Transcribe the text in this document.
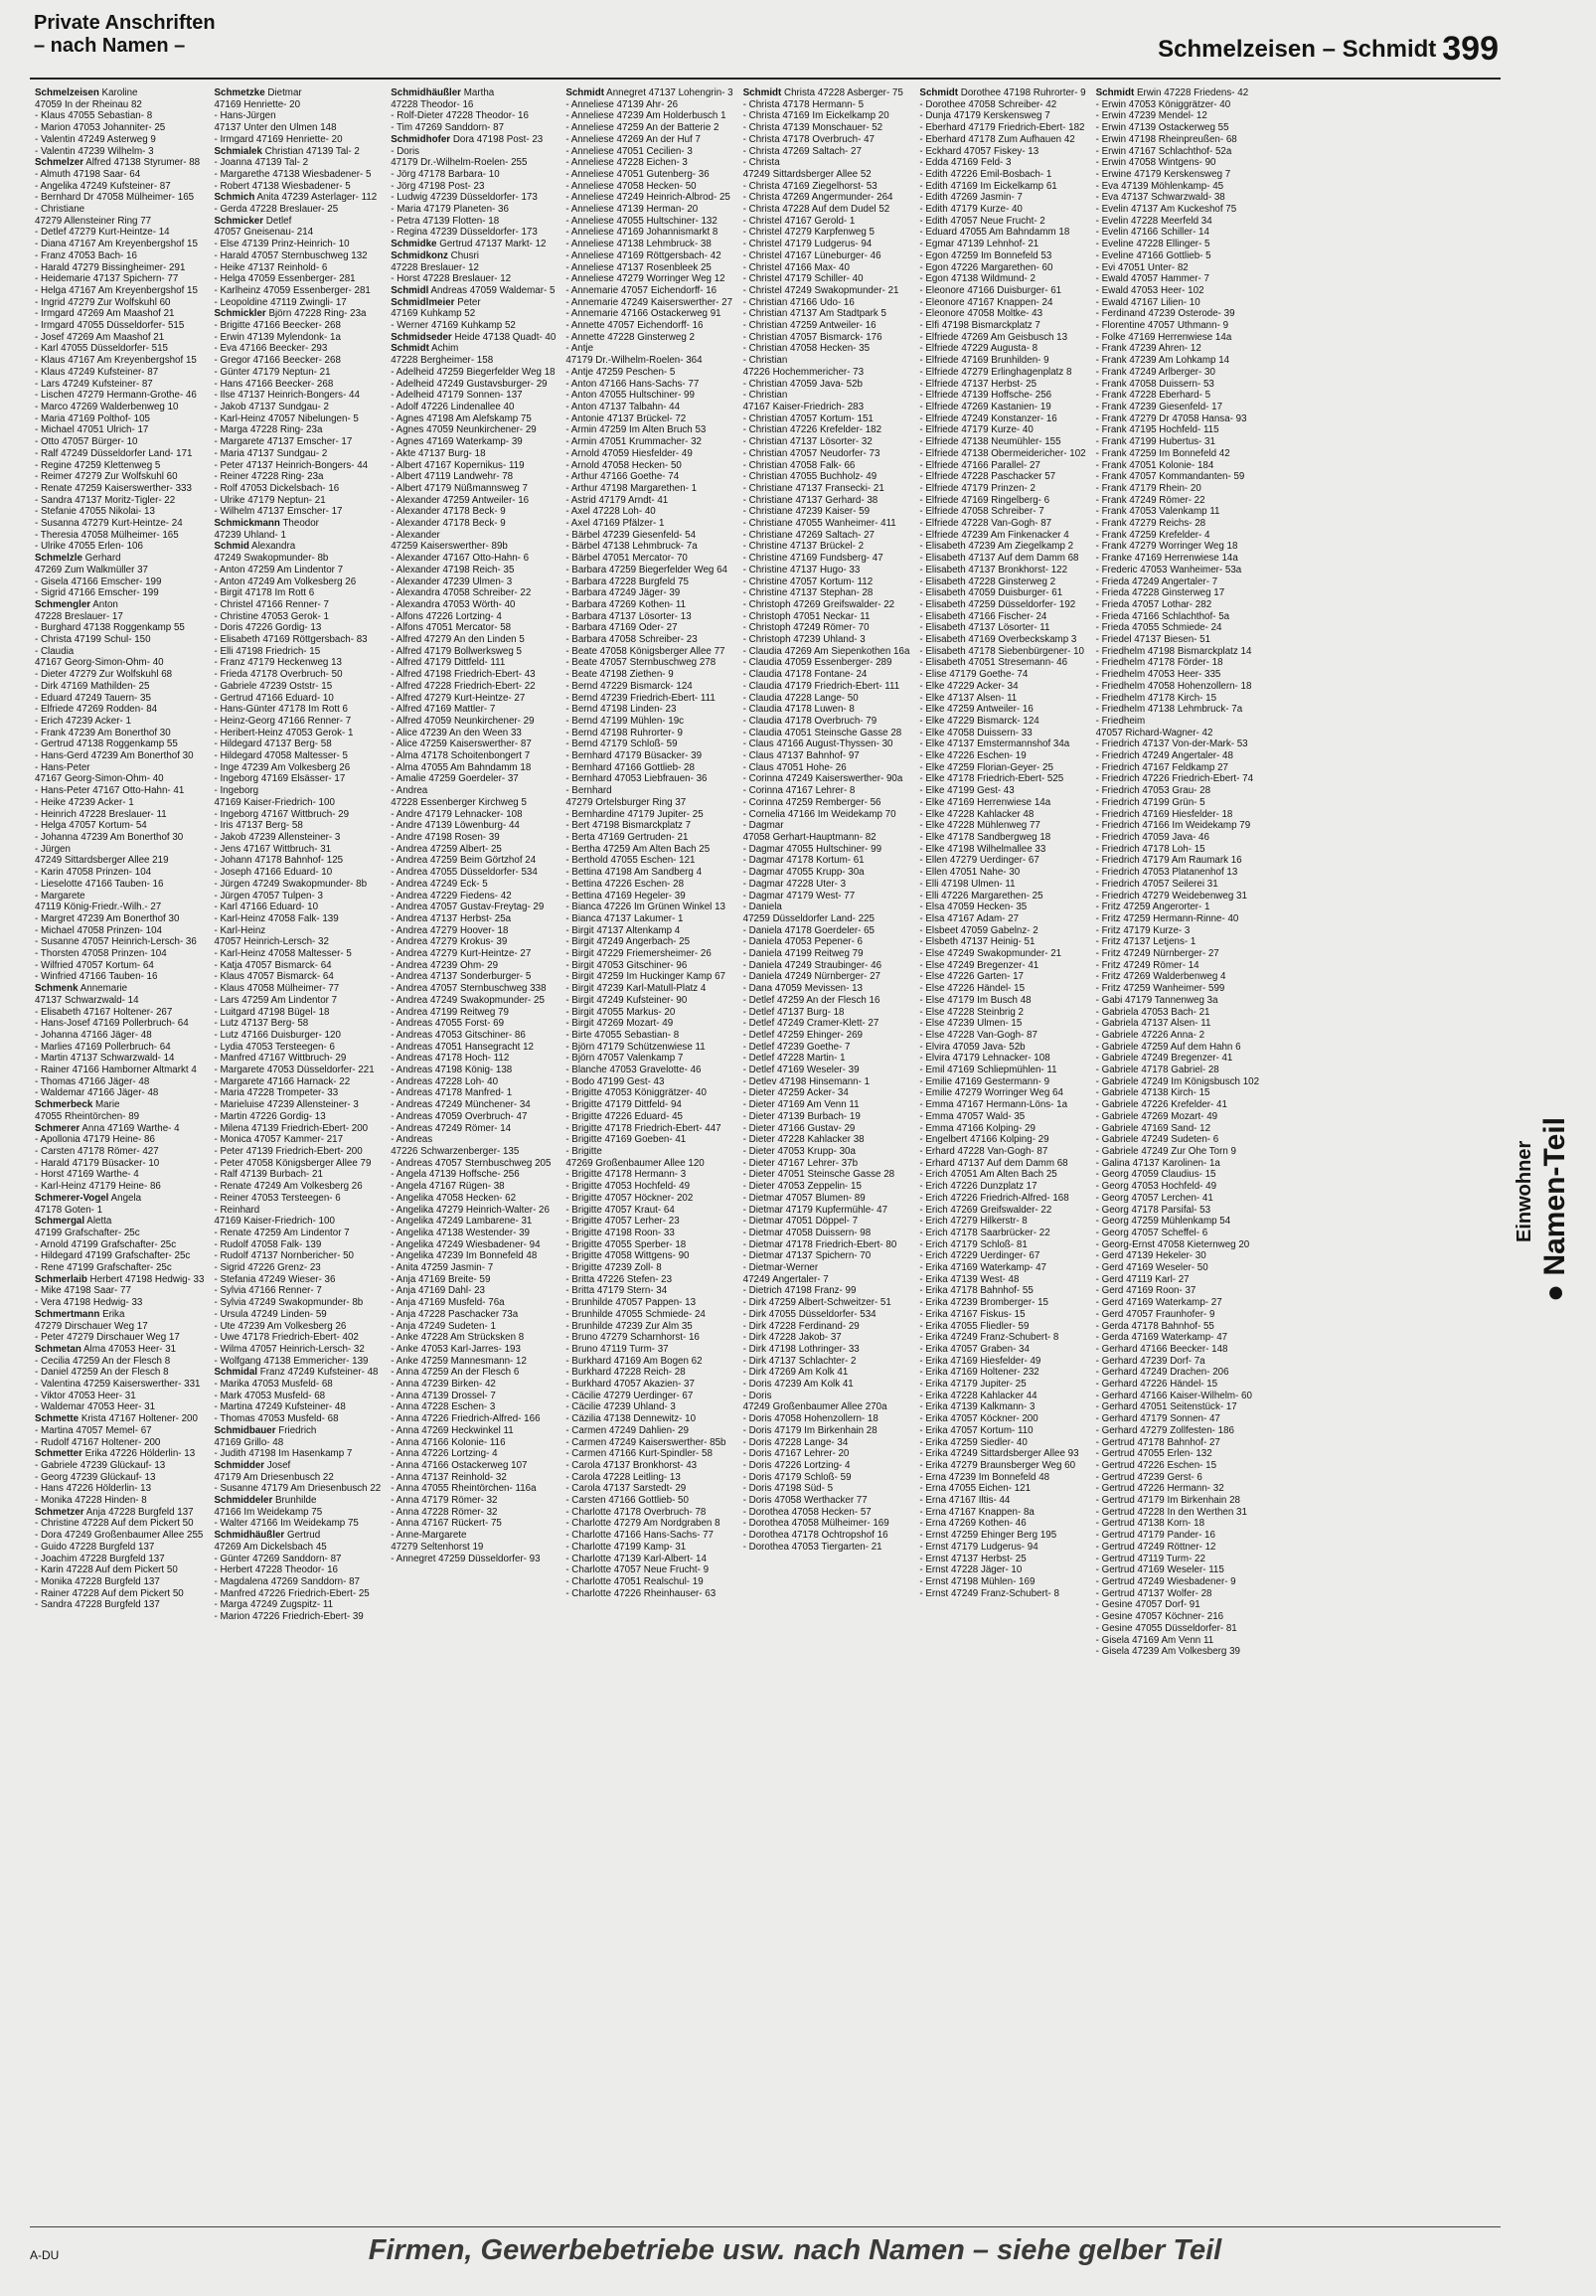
Private Anschriften
– nach Namen –	Schmelzeisen – Schmidt 399
Schmelzeisen Karoline
47059 In der Rheinau 82
- Klaus 47055 Sebastian- 8
- Marion 47053 Johanniter- 25
- Valentin 47249 Asterweg 9
- Valentin 47239 Wilhelm- 3
Schmelzer Alfred 47138 Styrumer- 88
- Almuth 47198 Saar- 64
- Angelika 47249 Kufsteiner- 87
- Bernhard Dr 47058 Mülheimer- 165
- Christiane
47279 Allensteiner Ring 77
- Detlef 47279 Kurt-Heintze- 14
- Diana 47167 Am Kreyenbergshof 15
- Franz 47053 Bach- 16
- Harald 47279 Bissingheimer- 291
- Heidemarie 47137 Spichern- 77
- Helga 47167 Am Kreyenbergshof 15
- Ingrid 47279 Zur Wolfskuhl 60
- Irmgard 47269 Am Maashof 21
- Irmgard 47055 Düsseldorfer- 515
- Josef 47269 Am Maashof 21
- Karl 47055 Düsseldorfer- 515
- Klaus 47167 Am Kreyenbergshof 15
- Klaus 47249 Kufsteiner- 87
- Lars 47249 Kufsteiner- 87
- Lischen 47279 Hermann-Grothe- 46
- Marco 47269 Walderbenweg 10
- Maria 47169 Polthof- 105
- Michael 47051 Ulrich- 17
- Otto 47057 Bürger- 10
- Ralf 47249 Düsseldorfer Land- 171
- Regine 47259 Klettenweg 5
- Reimer 47279 Zur Wolfskuhl 60
- Renate 47259 Kaiserswerther- 333
- Sandra 47137 Moritz-Tigler- 22
- Stefanie 47055 Nikolai- 13
- Susanna 47279 Kurt-Heintze- 24
- Theresia 47058 Mülheimer- 165
- Ulrike 47055 Erlen- 106
Schmelzle Gerhard
47269 Zum Walkmüller 37
- Gisela 47166 Emscher- 199
- Sigrid 47166 Emscher- 199
Schmengler Anton
47228 Breslauer- 17
- Burghard 47138 Roggenkamp 55
- Christa 47199 Schul- 150
- Claudia
47167 Georg-Simon-Ohm- 40
- Dieter 47279 Zur Wolfskuhl 68
- Dirk 47169 Mathilden- 25
- Eduard 47249 Tauern- 35
- Elfriede 47269 Rodden- 84
- Erich 47239 Acker- 1
- Frank 47239 Am Bonerthof 30
- Gertrud 47138 Roggenkamp 55
- Hans-Gerd 47239 Am Bonerthof 30
- Hans-Peter
47167 Georg-Simon-Ohm- 40
- Hans-Peter 47167 Otto-Hahn- 41
- Heike 47239 Acker- 1
- Heinrich 47228 Breslauer- 11
- Helga 47057 Kortum- 54
- Johanna 47239 Am Bonerthof 30
- Jürgen
47249 Sittardsberger Allee 219
- Karin 47058 Prinzen- 104
- Lieselotte 47166 Tauben- 16
- Margarete
47119 König-Friedr.-Wilh.- 27
- Margret 47239 Am Bonerthof 30
- Michael 47058 Prinzen- 104
- Susanne 47057 Heinrich-Lersch- 36
- Thorsten 47058 Prinzen- 104
- Wilfried 47057 Kortum- 64
- Winfried 47166 Tauben- 16
Schmenk Annemarie
47137 Schwarzwald- 14
- Elisabeth 47167 Holtener- 267
- Hans-Josef 47169 Pollerbruch- 64
- Johanna 47166 Jäger- 48
- Marlies 47169 Pollerbruch- 64
- Martin 47137 Schwarzwald- 14
- Rainer 47166 Hamborner Altmarkt 4
- Thomas 47166 Jäger- 48
- Waldemar 47166 Jäger- 48
Schmerbeck Marie
47055 Rheintörchen- 89
Schmerer Anna 47169 Warthe- 4
- Apollonia 47179 Heine- 86
- Carsten 47178 Römer- 427
- Harald 47179 Büsacker- 10
- Horst 47169 Warthe- 4
- Karl-Heinz 47179 Heine- 86
Schmerer-Vogel Angela
47178 Goten- 1
Schmergal Aletta
47199 Grafschafter- 25c
- Arnold 47199 Grafschafter- 25c
- Hildegard 47199 Grafschafter- 25c
- Rene 47199 Grafschafter- 25c
Schmerlaib Herbert 47198 Hedwig- 33
- Mike 47198 Saar- 77
- Vera 47198 Hedwig- 33
Schmertmann Erika
47279 Dirschauer Weg 17
- Peter 47279 Dirschauer Weg 17
Schmetan Alma 47053 Heer- 31
- Cecilia 47259 An der Flesch 8
- Daniel 47259 An der Flesch 8
- Valentina 47259 Kaiserswerther- 331
- Viktor 47053 Heer- 31
- Waldemar 47053 Heer- 31
Schmette Krista 47167 Holtener- 200
- Martina 47057 Memel- 67
- Rudolf 47167 Holtener- 200
Schmetter Erika 47226 Hölderlin- 13
- Gabriele 47239 Glückauf- 13
- Georg 47239 Glückauf- 13
- Hans 47226 Hölderlin- 13
- Monika 47228 Hinden- 8
Schmetzer Anja 47228 Burgfeld 137
- Christine 47228 Auf dem Pickert 50
- Dora 47249 Großenbaumer Allee 255
- Guido 47228 Burgfeld 137
- Joachim 47228 Burgfeld 137
- Karin 47228 Auf dem Pickert 50
- Monika 47228 Burgfeld 137
- Rainer 47228 Auf dem Pickert 50
- Sandra 47228 Burgfeld 137
Schmetzke Dietmar
47169 Henriette- 20
- Hans-Jürgen
47137 Unter den Ulmen 148
- Irmgard 47169 Henriette- 20
Schmialek Christian 47139 Tal- 2
- Joanna 47139 Tal- 2
- Margarethe 47138 Wiesbadener- 5
- Robert 47138 Wiesbadener- 5
Schmich Anita 47239 Asterlager- 112
- Gerda 47228 Breslauer- 25
Schmicker Detlef
47057 Gneisenau- 214
- Else 47139 Prinz-Heinrich- 10
- Harald 47057 Sternbuschweg 132
- Heike 47137 Reinhold- 6
- Helga 47059 Essenberger- 281
- Karlheinz 47059 Essenberger- 281
- Leopoldine 47119 Zwingli- 17
Schmickler Björn 47228 Ring- 23a
- Brigitte 47166 Beecker- 268
- Erwin 47139 Mylendonk- 1a
- Eva 47166 Beecker- 293
- Gregor 47166 Beecker- 268
- Günter 47179 Neptun- 21
- Hans 47166 Beecker- 268
- Ilse 47137 Heinrich-Bongers- 44
- Jakob 47137 Sundgau- 2
- Karl-Heinz 47057 Nibelungen- 5
- Marga 47228 Ring- 23a
- Margarete 47137 Emscher- 17
- Maria 47137 Sundgau- 2
- Peter 47137 Heinrich-Bongers- 44
- Reiner 47228 Ring- 23a
- Rolf 47053 Dickelsbach- 16
- Ulrike 47179 Neptun- 21
- Wilhelm 47137 Emscher- 17
Schmickmann Theodor
47239 Uhland- 1
Schmid Alexandra
47249 Swakopmunder- 8b
- Anton 47259 Am Lindentor 7
- Anton 47249 Am Volkesberg 26
- Birgit 47178 Im Rott 6
- Christel 47166 Renner- 7
- Christine 47053 Gerok- 1
- Doris 47226 Gordig- 13
- Elisabeth 47169 Röttgersbach- 83
- Elli 47198 Friedrich- 15
- Franz 47179 Heckenweg 13
- Frieda 47178 Overbruch- 50
- Gabriele 47239 Oststr- 15
- Gertrud 47166 Eduard- 10
- Hans-Günter 47178 Im Rott 6
- Heinz-Georg 47166 Renner- 7
- Heribert-Heinz 47053 Gerok- 1
- Hildegard 47137 Berg- 58
- Hildegard 47058 Maltesser- 5
- Inge 47239 Am Volkesberg 26
- Ingeborg 47169 Elsässer- 17
- Ingeborg
47169 Kaiser-Friedrich- 100
- Ingeborg 47167 Wittbruch- 29
- Iris 47137 Berg- 58
- Jakob 47239 Allensteiner- 3
- Jens 47167 Wittbruch- 31
- Johann 47178 Bahnhof- 125
- Joseph 47166 Eduard- 10
- Jürgen 47249 Swakopmunder- 8b
- Jürgen 47057 Tulpen- 3
- Karl 47166 Eduard- 10
- Karl-Heinz 47058 Falk- 139
- Karl-Heinz
47057 Heinrich-Lersch- 32
- Karl-Heinz 47058 Maltesser- 5
- Katja 47057 Bismarck- 64
- Klaus 47057 Bismarck- 64
- Klaus 47058 Mülheimer- 77
- Lars 47259 Am Lindentor 7
- Luitgard 47198 Bügel- 18
- Lutz 47137 Berg- 58
- Lutz 47166 Duisburger- 120
- Lydia 47053 Tersteegen- 6
- Manfred 47167 Wittbruch- 29
- Margarete 47053 Düsseldorfer- 221
- Margarete 47166 Harnack- 22
- Maria 47228 Trompeter- 33
- Marieluise 47239 Allensteiner- 3
- Martin 47226 Gordig- 13
- Milena 47139 Friedrich-Ebert- 200
- Monica 47057 Kammer- 217
- Peter 47139 Friedrich-Ebert- 200
- Peter 47058 Königsberger Allee 79
- Ralf 47139 Burbach- 21
- Renate 47249 Am Volkesberg 26
- Reiner 47053 Tersteegen- 6
- Reinhard
47169 Kaiser-Friedrich- 100
- Renate 47259 Am Lindentor 7
- Rudolf 47058 Falk- 139
- Rudolf 47137 Nornbericher- 50
- Sigrid 47226 Grenz- 23
- Stefania 47249 Wieser- 36
- Sylvia 47166 Renner- 7
- Sylvia 47249 Swakopmunder- 8b
- Ursula 47249 Linden- 59
- Ute 47239 Am Volkesberg 26
- Uwe 47178 Friedrich-Ebert- 402
- Wilma 47057 Heinrich-Lersch- 32
- Wolfgang 47138 Emmericher- 139
Schmidal Franz 47249 Kufsteiner- 48
- Marika 47053 Musfeld- 68
- Mark 47053 Musfeld- 68
- Martina 47249 Kufsteiner- 48
- Thomas 47053 Musfeld- 68
Schmidbauer Friedrich
47169 Grillo- 48
- Judith 47198 Im Hasenkamp 7
Schmidder Josef
47179 Am Driesenbusch 22
- Susanne 47179 Am Driesenbusch 22
Schmiddeler Brunhilde
47166 Im Weidekamp 75
- Walter 47166 Im Weidekamp 75
Schmidhäußler Gertrud
47269 Am Dickelsbach 45
- Günter 47269 Sanddorn- 87
- Herbert 47228 Theodor- 16
- Magdalena 47269 Sanddorn- 87
- Manfred 47226 Friedrich-Ebert- 25
- Marga 47249 Zugspitz- 11
- Marion 47226 Friedrich-Ebert- 39
Schmidhäußler Martha
47228 Theodor- 16
- Rolf-Dieter 47228 Theodor- 16
- Tim 47269 Sanddorn- 87
Schmidhofer Dora 47198 Post- 23
- Doris
47179 Dr.-Wilhelm-Roelen- 255
- Jörg 47178 Barbara- 10
- Jörg 47198 Post- 23
- Ludwig 47239 Düsseldorfer- 173
- Maria 47179 Planeten- 36
- Petra 47139 Flotten- 18
- Regina 47239 Düsseldorfer- 173
Schmidke Gertrud 47137 Markt- 12
Schmidkonz Chusri
47228 Breslauer- 12
- Horst 47228 Breslauer- 12
Schmidl Andreas 47059 Waldemar- 5
Schmidlmeier Peter
47169 Kuhkamp 52
- Werner 47169 Kuhkamp 52
Schmidseder Heide 47138 Quadt- 40
Schmidt Achim
47228 Bergheimer- 158
- Adelheid 47259 Biegerfelder Weg 18
- Adelheid 47249 Gustavsburger- 29
- Adelheid 47179 Sonnen- 137
- Adolf 47226 Lindenallee 40
- Agnes 47198 Am Alefskamp 75
- Agnes 47059 Neunkirchener- 29
- Agnes 47169 Waterkamp- 39
- Akte 47137 Burg- 18
- Albert 47167 Kopernikus- 119
- Albert 47119 Landwehr- 78
- Albert 47179 Nüßmannsweg 7
- Alexander 47259 Antweiler- 16
- Alexander 47178 Beck- 9
- Alexander 47178 Beck- 9
- Alexander
47259 Kaiserswerther- 89b
- Alexander 47167 Otto-Hahn- 6
- Alexander 47198 Reich- 35
- Alexander 47239 Ulmen- 3
- Alexandra 47058 Schreiber- 22
- Alexandra 47053 Wörth- 40
- Alfons 47226 Lortzing- 4
- Alfons 47051 Mercator- 58
- Alfred 47279 An den Linden 5
- Alfred 47179 Bollwerksweg 5
- Alfred 47179 Dittfeld- 111
- Alfred 47198 Friedrich-Ebert- 43
- Alfred 47228 Friedrich-Ebert- 22
- Alfred 47279 Kurt-Heintze- 27
- Alfred 47169 Mattler- 7
- Alfred 47059 Neunkirchener- 29
- Alice 47239 An den Ween 33
- Alice 47259 Kaiserswerther- 87
- Alma 47178 Schoitenbongert 7
- Alma 47055 Am Bahndamm 18
- Amalie 47259 Goerdeler- 37
- Andrea
47228 Essenberger Kirchweg 5
- Andre 47179 Lehnacker- 108
- Andre 47139 Löwenburg- 44
- Andre 47198 Rosen- 39
- Andrea 47259 Albert- 25
- Andrea 47259 Beim Görtzhof 24
- Andrea 47055 Düsseldorfer- 534
- Andrea 47249 Eck- 5
- Andrea 47229 Fiedens- 42
- Andrea 47057 Gustav-Freytag- 29
- Andrea 47137 Herbst- 25a
- Andrea 47279 Hoover- 18
- Andrea 47279 Krokus- 39
- Andrea 47279 Kurt-Heintze- 27
- Andrea 47239 Ohm- 29
- Andrea 47137 Sonderburger- 5
- Andrea 47057 Sternbuschweg 338
- Andrea 47249 Swakopmunder- 25
- Andrea 47199 Reitweg 79
- Andreas 47055 Forst- 69
- Andreas 47053 Gitschiner- 86
- Andreas 47051 Hansegracht 12
- Andreas 47178 Hoch- 112
- Andreas 47198 König- 138
- Andreas 47228 Loh- 40
- Andreas 47178 Manfred- 1
- Andreas 47249 Münchener- 34
- Andreas 47059 Overbruch- 47
- Andreas 47249 Römer- 14
- Andreas
47226 Schwarzenberger- 135
- Andreas 47057 Sternbuschweg 205
- Angela 47139 Hoffsche- 256
- Angela 47167 Rügen- 38
- Angelika 47058 Hecken- 62
- Angelika 47279 Heinrich-Walter- 26
- Angelika 47249 Lambarene- 31
- Angelika 47138 Westender- 39
- Angelika 47249 Wiesbadener- 94
- Angelika 47239 Im Bonnefeld 48
- Anita 47259 Jasmin- 7
- Anja 47169 Breite- 59
- Anja 47169 Dahl- 23
- Anja 47169 Musfeld- 76a
- Anja 47228 Paschacker 73a
- Anja 47249 Sudeten- 1
- Anke 47228 Am Strücksken 8
- Anke 47053 Karl-Jarres- 193
- Anke 47259 Mannesmann- 12
- Anna 47259 An der Flesch 6
- Anna 47239 Birken- 42
- Anna 47139 Drossel- 7
- Anna 47228 Eschen- 3
- Anna 47226 Friedrich-Alfred- 166
- Anna 47269 Heckwinkel 11
- Anna 47166 Kolonie- 116
- Anna 47226 Lortzing- 4
- Anna 47166 Ostackerweg 107
- Anna 47137 Reinhold- 32
- Anna 47055 Rheintörchen- 116a
- Anna 47179 Römer- 32
- Anna 47228 Römer- 32
- Anna 47167 Rückert- 75
- Anne-Margarete
47279 Seltenhorst 19
- Annegret 47259 Düsseldorfer- 93
Schmidt Annegret 47137 Lohengrin- 3
- Anneliese 47139 Ahr- 26
- Anneliese 47239 Am Holderbusch 1
- Anneliese 47259 An der Batterie 2
- Anneliese 47269 An der Huf 7
- Anneliese 47051 Cecilien- 3
- Anneliese 47228 Eichen- 3
- Anneliese 47051 Gutenberg- 36
- Anneliese 47058 Hecken- 50
- Anneliese 47249 Heinrich-Albrod- 25
- Anneliese 47139 Herman- 20
- Anneliese 47055 Hultschiner- 132
- Anneliese 47169 Johannismarkt 8
- Anneliese 47138 Lehmbruck- 38
- Anneliese 47169 Röttgersbach- 42
- Anneliese 47137 Rosenbleek 25
- Anneliese 47279 Worringer Weg 12
- Annemarie 47057 Eichendorff- 16
- Annemarie 47249 Kaiserswerther- 27
- Annemarie 47166 Ostackerweg 91
- Annette 47057 Eichendorff- 16
- Annette 47228 Ginsterweg 2
- Antje
47179 Dr.-Wilhelm-Roelen- 364
- Antje 47259 Peschen- 5
- Anton 47166 Hans-Sachs- 77
- Anton 47055 Hultschiner- 99
- Anton 47137 Talbahn- 44
- Antonie 47137 Brückel- 72
- Armin 47259 Im Alten Bruch 53
- Armin 47051 Krummacher- 32
- Arnold 47059 Hiesfelder- 49
- Arnold 47058 Hecken- 50
- Arthur 47166 Goethe- 74
- Arthur 47198 Margarethen- 1
- Astrid 47179 Arndt- 41
- Axel 47228 Loh- 40
- Axel 47169 Pfälzer- 1
- Bärbel 47239 Giesenfeld- 54
- Bärbel 47138 Lehmbruck- 7a
- Bärbel 47051 Mercator- 70
- Barbara 47259 Biegerfelder Weg 64
- Barbara 47228 Burgfeld 75
- Barbara 47249 Jäger- 39
- Barbara 47269 Kothen- 11
- Barbara 47137 Lösorter- 13
- Barbara 47169 Oder- 27
- Barbara 47058 Schreiber- 23
- Beate 47058 Königsberger Allee 77
- Beate 47057 Sternbuschweg 278
- Beate 47198 Ziethen- 9
- Bernd 47229 Bismarck- 124
- Bernd 47239 Friedrich-Ebert- 111
- Bernd 47198 Linden- 23
- Bernd 47199 Mühlen- 19c
- Bernd 47198 Ruhrorter- 9
- Bernd 47179 Schloß- 59
- Bernhard 47179 Büsacker- 39
- Bernhard 47166 Gottlieb- 28
- Bernhard 47053 Liebfrauen- 36
- Bernhard
47279 Ortelsburger Ring 37
- Bernhardine 47179 Jupiter- 25
- Bert 47198 Bismarckplatz 7
- Berta 47169 Gertruden- 21
- Bertha 47259 Am Alten Bach 25
- Berthold 47055 Eschen- 121
- Bettina 47198 Am Sandberg 4
- Bettina 47226 Eschen- 28
- Bettina 47169 Hegeler- 39
- Bianca 47226 Im Grünen Winkel 13
- Bianca 47137 Lakumer- 1
- Birgit 47137 Altenkamp 4
- Birgit 47249 Angerbach- 25
- Birgit 47229 Friemersheimer- 26
- Birgit 47053 Gitschiner- 96
- Birgit 47259 Im Huckinger Kamp 67
- Birgit 47239 Karl-Matull-Platz 4
- Birgit 47249 Kufsteiner- 90
- Birgit 47055 Markus- 20
- Birgit 47269 Mozart- 49
- Birte 47055 Sebastian- 8
- Björn 47179 Schützenwiese 11
- Björn 47057 Valenkamp 7
- Blanche 47053 Gravelotte- 46
- Bodo 47199 Gest- 43
- Brigitte 47053 Königgrätzer- 40
- Brigitte 47179 Dittfeld- 94
- Brigitte 47226 Eduard- 45
- Brigitte 47178 Friedrich-Ebert- 447
- Brigitte 47169 Goeben- 41
- Brigitte
47269 Großenbaumer Allee 120
- Brigitte 47178 Hermann- 3
- Brigitte 47053 Hochfeld- 49
- Brigitte 47057 Höckner- 202
- Brigitte 47057 Kraut- 64
- Brigitte 47057 Lerher- 23
- Brigitte 47198 Roon- 33
- Brigitte 47055 Sperber- 18
- Brigitte 47058 Wittgens- 90
- Brigitte 47239 Zoll- 8
- Britta 47226 Stefen- 23
- Britta 47179 Stern- 34
- Brunhilde 47057 Pappen- 13
- Brunhilde 47055 Schmiede- 24
- Brunhilde 47239 Zur Alm 35
- Bruno 47279 Scharnhorst- 16
- Bruno 47119 Turm- 37
- Burkhard 47169 Am Bogen 62
- Burkhard 47228 Reich- 28
- Burkhard 47057 Akazien- 37
- Cäcilie 47279 Uerdinger- 67
- Cäcilie 47239 Uhland- 3
- Cäzilia 47138 Dennewitz- 10
- Carmen 47249 Dahlien- 29
- Carmen 47249 Kaiserswerther- 85b
- Carmen 47166 Kurt-Spindler- 58
- Carola 47137 Bronkhorst- 43
- Carola 47228 Leitling- 13
- Carola 47137 Sarstedt- 29
- Carsten 47166 Gottlieb- 50
- Charlotte 47178 Overbruch- 78
- Charlotte 47279 Am Nordgraben 8
- Charlotte 47166 Hans-Sachs- 77
- Charlotte 47199 Kamp- 31
- Charlotte 47139 Karl-Albert- 14
- Charlotte 47057 Neue Frucht- 9
- Charlotte 47051 Realschul- 19
- Charlotte 47226 Rheinhauser- 63
Schmidt Christa 47228 Asberger- 75
- Christa 47178 Hermann- 5
- Christa 47169 Im Eickelkamp 20
- Christa 47139 Monschauer- 52
- Christa 47178 Overbruch- 47
- Christa 47269 Saltach- 27
- Christa
47249 Sittardsberger Allee 52
- Christa 47169 Ziegelhorst- 53
- Christa 47269 Angermunder- 264
- Christa 47228 Auf dem Dudel 52
- Christel 47167 Gerold- 1
- Christel 47279 Karpfenweg 5
- Christel 47179 Ludgerus- 94
- Christel 47167 Lüneburger- 46
- Christel 47166 Max- 40
- Christel 47179 Schiller- 40
- Christel 47249 Swakopmunder- 21
- Christian 47166 Udo- 16
- Christian 47137 Am Stadtpark 5
- Christian 47259 Antweiler- 16
- Christian 47057 Bismarck- 176
- Christian 47058 Hecken- 35
- Christian
47226 Hochemmericher- 73
- Christian 47059 Java- 52b
- Christian
47167 Kaiser-Friedrich- 283
- Christian 47057 Kortum- 151
- Christian 47226 Krefelder- 182
- Christian 47137 Lösorter- 32
- Christian 47057 Neudorfer- 73
- Christian 47058 Falk- 66
- Christian 47055 Buchholz- 49
- Christiane 47137 Fransecki- 21
- Christiane 47137 Gerhard- 38
- Christiane 47239 Kaiser- 59
- Christiane 47055 Wanheimer- 411
- Christiane 47269 Saltach- 27
- Christine 47137 Brückel- 2
- Christine 47169 Fundsberg- 47
- Christine 47137 Hugo- 33
- Christine 47057 Kortum- 112
- Christine 47137 Stephan- 28
- Christoph 47269 Greifswalder- 22
- Christoph 47051 Neckar- 11
- Christoph 47249 Römer- 70
- Christoph 47239 Uhland- 3
- Claudia 47269 Am Siepenkothen 16a
- Claudia 47059 Essenberger- 289
- Claudia 47178 Fontane- 24
- Claudia 47179 Friedrich-Ebert- 111
- Claudia 47228 Lange- 50
- Claudia 47178 Luwen- 8
- Claudia 47178 Overbruch- 79
- Claudia 47051 Steinsche Gasse 28
- Claus 47166 August-Thyssen- 30
- Claus 47137 Bahnhof- 97
- Claus 47051 Hohe- 26
- Corinna 47249 Kaiserswerther- 90a
- Corinna 47167 Lehrer- 8
- Corinna 47259 Remberger- 56
- Cornelia 47166 Im Weidekamp 70
- Dagmar
47058 Gerhart-Hauptmann- 82
- Dagmar 47055 Hultschiner- 99
- Dagmar 47178 Kortum- 61
- Dagmar 47055 Krupp- 30a
- Dagmar 47228 Uter- 3
- Dagmar 47179 West- 77
- Daniela
47259 Düsseldorfer Land- 225
- Daniela 47178 Goerdeler- 65
- Daniela 47053 Pepener- 6
- Daniela 47199 Reitweg 79
- Daniela 47249 Straubinger- 46
- Daniela 47249 Nürnberger- 27
- Dana 47059 Mevissen- 13
- Detlef 47259 An der Flesch 16
- Detlef 47137 Burg- 18
- Detlef 47249 Cramer-Klett- 27
- Detlef 47259 Ehinger- 269
- Detlef 47239 Goethe- 7
- Detlef 47228 Martin- 1
- Detlef 47169 Weseler- 39
- Detlev 47198 Hinsemann- 1
- Dieter 47259 Acker- 34
- Dieter 47169 Am Venn 11
- Dieter 47139 Burbach- 19
- Dieter 47166 Gustav- 29
- Dieter 47228 Kahlacker 38
- Dieter 47053 Krupp- 30a
- Dieter 47167 Lehrer- 37b
- Dieter 47051 Steinsche Gasse 28
- Dieter 47053 Zeppelin- 15
- Dietmar 47057 Blumen- 89
- Dietmar 47179 Kupfermühle- 47
- Dietmar 47051 Döppel- 7
- Dietmar 47058 Duissern- 98
- Dietmar 47178 Friedrich-Ebert- 80
- Dietmar 47137 Spichern- 70
- Dietmar-Werner
47249 Angertaler- 7
- Dietrich 47198 Franz- 99
- Dirk 47259 Albert-Schweitzer- 51
- Dirk 47055 Düsseldorfer- 534
- Dirk 47228 Ferdinand- 29
- Dirk 47228 Jakob- 37
- Dirk 47198 Lothringer- 33
- Dirk 47137 Schlachter- 2
- Dirk 47269 Am Kolk 41
- Doris 47239 Am Kolk 41
- Doris
47249 Großenbaumer Allee 270a
- Doris 47058 Hohenzollern- 18
- Doris 47179 Im Birkenhain 28
- Doris 47228 Lange- 34
- Doris 47167 Lehrer- 20
- Doris 47226 Lortzing- 4
- Doris 47179 Schloß- 59
- Doris 47198 Süd- 5
- Doris 47058 Werthacker 77
- Dorothea 47058 Hecken- 57
- Dorothea 47058 Mülheimer- 169
- Dorothea 47178 Ochtropshof 16
- Dorothea 47053 Tiergarten- 21
Schmidt Dorothee 47198 Ruhrorter- 9
- Dorothee 47058 Schreiber- 42
- Dunja 47179 Kerskensweg 7
- Eberhard 47179 Friedrich-Ebert- 182
- Eberhard 47178 Zum Aufhauen 42
- Eckhard 47057 Fiskey- 13
- Edda 47169 Feld- 3
- Edith 47226 Emil-Bosbach- 1
- Edith 47169 Im Eickelkamp 61
- Edith 47269 Jasmin- 7
- Edith 47179 Kurze- 40
- Edith 47057 Neue Frucht- 2
- Eduard 47055 Am Bahndamm 18
- Egmar 47139 Lehnhof- 21
- Egon 47259 Im Bonnefeld 53
- Egon 47226 Margarethen- 60
- Egon 47138 Wildmund- 2
- Eleonore 47166 Duisburger- 61
- Eleonore 47167 Knappen- 24
- Eleonore 47058 Moltke- 43
- Elfi 47198 Bismarckplatz 7
- Elfriede 47269 Am Geisbusch 13
- Elfriede 47229 Augusta- 8
- Elfriede 47169 Brunhilden- 9
- Elfriede 47279 Erlinghagenplatz 8
- Elfriede 47137 Herbst- 25
- Elfriede 47139 Hoffsche- 256
- Elfriede 47269 Kastanien- 19
- Elfriede 47249 Konstanzer- 16
- Elfriede 47179 Kurze- 40
- Elfriede 47138 Neumühler- 155
- Elfriede 47138 Obermeidericher- 102
- Elfriede 47166 Parallel- 27
- Elfriede 47228 Paschacker 57
- Elfriede 47179 Prinzen- 2
- Elfriede 47169 Ringelberg- 6
- Elfriede 47058 Schreiber- 7
- Elfriede 47228 Van-Gogh- 87
- Elfriede 47239 Am Finkenacker 4
- Elisabeth 47239 Am Ziegelkamp 2
- Elisabeth 47137 Auf dem Damm 68
- Elisabeth 47137 Bronkhorst- 122
- Elisabeth 47228 Ginsterweg 2
- Elisabeth 47059 Duisburger- 61
- Elisabeth 47259 Düsseldorfer- 192
- Elisabeth 47166 Fischer- 24
- Elisabeth 47137 Lösorter- 11
- Elisabeth 47169 Overbeckskamp 3
- Elisabeth 47178 Siebenbürgener- 10
- Elisabeth 47051 Stresemann- 46
- Elise 47179 Goethe- 74
- Elke 47229 Acker- 34
- Elke 47137 Alsen- 11
- Elke 47259 Antweiler- 16
- Elke 47229 Bismarck- 124
- Elke 47058 Duissern- 33
- Elke 47137 Emstermannshof 34a
- Elke 47226 Eschen- 19
- Elke 47259 Florian-Geyer- 25
- Elke 47178 Friedrich-Ebert- 525
- Elke 47199 Gest- 43
- Elke 47169 Herrenwiese 14a
- Elke 47228 Kahlacker 48
- Elke 47228 Mühlenweg 77
- Elke 47178 Sandbergweg 18
- Elke 47198 Wilhelmallee 33
- Ellen 47279 Uerdinger- 67
- Ellen 47051 Nahe- 30
- Elli 47198 Ulmen- 11
- Elli 47226 Margarethen- 25
- Elsa 47059 Hecken- 35
- Elsa 47167 Adam- 27
- Elsbeet 47059 Gabelnz- 2
- Elsbeth 47137 Heinig- 51
- Else 47249 Swakopmunder- 21
- Else 47249 Bregenzer- 41
- Else 47226 Garten- 17
- Else 47226 Händel- 15
- Else 47179 Im Busch 48
- Else 47228 Steinbrig 2
- Else 47239 Ulmen- 15
- Else 47228 Van-Gogh- 87
- Elvira 47059 Java- 52b
- Elvira 47179 Lehnacker- 108
- Emil 47169 Schliepmühlen- 11
- Emilie 47169 Gestermann- 9
- Emilie 47279 Worringer Weg 64
- Emma 47167 Hermann-Löns- 1a
- Emma 47057 Wald- 35
- Emma 47166 Kolping- 29
- Engelbert 47166 Kolping- 29
- Erhard 47228 Van-Gogh- 87
- Erhard 47137 Auf dem Damm 68
- Erich 47051 Am Alten Bach 25
- Erich 47226 Dunzplatz 17
- Erich 47226 Friedrich-Alfred- 168
- Erich 47269 Greifswalder- 22
- Erich 47279 Hilkerstr- 8
- Erich 47178 Saarbrücker- 22
- Erich 47179 Schloß- 81
- Erich 47229 Uerdinger- 67
- Erika 47169 Waterkamp- 47
- Erika 47139 West- 48
- Erika 47178 Bahnhof- 55
- Erika 47239 Bromberger- 15
- Erika 47167 Fiskus- 15
- Erika 47055 Fliedler- 59
- Erika 47249 Franz-Schubert- 8
- Erika 47057 Graben- 34
- Erika 47169 Hiesfelder- 49
- Erika 47169 Holtener- 232
- Erika 47179 Jupiter- 25
- Erika 47228 Kahlacker 44
- Erika 47139 Kalkmann- 3
- Erika 47057 Köckner- 200
- Erika 47057 Kortum- 110
- Erika 47259 Siedler- 40
- Erika 47249 Sittardsberger Allee 93
- Erika 47279 Braunsberger Weg 60
- Erna 47239 Im Bonnefeld 48
- Erna 47055 Eichen- 121
- Erna 47167 Iltis- 44
- Erna 47167 Knappen- 8a
- Erna 47269 Kothen- 46
- Ernst 47259 Ehinger Berg 195
- Ernst 47179 Ludgerus- 94
- Ernst 47137 Herbst- 25
- Ernst 47228 Jäger- 10
- Ernst 47198 Mühlen- 169
- Ernst 47249 Franz-Schubert- 8
Schmidt Erwin 47228 Friedens- 42
- Erwin 47053 Königgrätzer- 40
- Erwin 47239 Mendel- 12
- Erwin 47139 Ostackerweg 55
- Erwin 47198 Rheinpreußen- 68
- Erwin 47167 Schlachthof- 52a
- Erwin 47058 Wintgens- 90
- Erwine 47179 Kerskensweg 7
- Eva 47139 Möhlenkamp- 45
- Eva 47137 Schwarzwald- 38
- Evelin 47137 Am Kuckeshof 75
- Evelin 47228 Meerfeld 34
- Evelin 47166 Schiller- 14
- Eveline 47228 Ellinger- 5
- Eveline 47166 Gottlieb- 5
- Evi 47051 Unter- 82
- Ewald 47057 Hammer- 7
- Ewald 47053 Heer- 102
- Ewald 47167 Lilien- 10
- Ferdinand 47239 Osterode- 39
- Florentine 47057 Uthmann- 9
- Folke 47169 Herrenwiese 14a
- Frank 47239 Ahren- 12
- Frank 47239 Am Lohkamp 14
- Frank 47249 Arlberger- 30
- Frank 47058 Duissern- 53
- Frank 47228 Eberhard- 5
- Frank 47239 Giesenfeld- 17
- Frank 47279 Dr 47058 Hansa- 93
- Frank 47195 Hochfeld- 115
- Frank 47199 Hubertus- 31
- Frank 47259 Im Bonnefeld 42
- Frank 47051 Kolonie- 184
- Frank 47057 Kommandanten- 59
- Frank 47179 Rhein- 20
- Frank 47249 Römer- 22
- Frank 47053 Valenkamp 11
- Frank 47279 Reichs- 28
- Frank 47259 Krefelder- 4
- Frank 47279 Worringer Weg 18
- Franke 47169 Herrenwiese 14a
- Frederic 47053 Wanheimer- 53a
- Frieda 47249 Angertaler- 7
- Frieda 47228 Ginsterweg 17
- Frieda 47057 Lothar- 282
- Frieda 47166 Schlachthof- 5a
- Frieda 47055 Schmiede- 24
- Friedel 47137 Biesen- 51
- Friedhelm 47198 Bismarckplatz 14
- Friedhelm 47178 Förder- 18
- Friedhelm 47053 Heer- 335
- Friedhelm 47058 Hohenzollern- 18
- Friedhelm 47178 Kirch- 15
- Friedhelm 47138 Lehmbruck- 7a
- Friedheim
47057 Richard-Wagner- 42
- Friedrich 47137 Von-der-Mark- 53
- Friedrich 47249 Angertaler- 48
- Friedrich 47167 Feldkamp 27
- Friedrich 47226 Friedrich-Ebert- 74
- Friedrich 47053 Grau- 28
- Friedrich 47199 Grün- 5
- Friedrich 47169 Hiesfelder- 18
- Friedrich 47166 Im Weidekamp 79
- Friedrich 47059 Java- 46
- Friedrich 47178 Loh- 15
- Friedrich 47179 Am Raumark 16
- Friedrich 47053 Platanenhof 13
- Friedrich 47057 Seilerei 31
- Friedrich 47279 Weidebenweg 31
- Fritz 47259 Angerorter- 1
- Fritz 47259 Hermann-Rinne- 40
- Fritz 47179 Kurze- 3
- Fritz 47137 Letjens- 1
- Fritz 47249 Nürnberger- 27
- Fritz 47249 Römer- 14
- Fritz 47269 Walderbenweg 4
- Fritz 47259 Wanheimer- 599
- Gabi 47179 Tannenweg 3a
- Gabriela 47053 Bach- 21
- Gabriela 47137 Alsen- 11
- Gabriele 47226 Anna- 2
- Gabriele 47259 Auf dem Hahn 6
- Gabriele 47249 Bregenzer- 41
- Gabriele 47178 Gabriel- 28
- Gabriele 47249 Im Königsbusch 102
- Gabriele 47138 Kirch- 15
- Gabriele 47226 Krefelder- 41
- Gabriele 47269 Mozart- 49
- Gabriele 47169 Sand- 12
- Gabriele 47249 Sudeten- 6
- Gabriele 47249 Zur Ohe Torn 9
- Galina 47137 Karolinen- 1a
- Georg 47059 Claudius- 15
- Georg 47053 Hochfeld- 49
- Georg 47057 Lerchen- 41
- Georg 47178 Parsifal- 53
- Georg 47259 Mühlenkamp 54
- Georg 47057 Scheffel- 6
- Georg-Ernst 47058 Kieternweg 20
- Gerd 47139 Hekeler- 30
- Gerd 47169 Weseler- 50
- Gerd 47119 Karl- 27
- Gerd 47169 Roon- 37
- Gerd 47169 Waterkamp- 27
- Gerd 47057 Fraunhofer- 9
- Gerda 47178 Bahnhof- 55
- Gerda 47169 Waterkamp- 47
- Gerhard 47166 Beecker- 148
- Gerhard 47239 Dorf- 7a
- Gerhard 47249 Drachen- 206
- Gerhard 47226 Händel- 15
- Gerhard 47166 Kaiser-Wilhelm- 60
- Gerhard 47051 Seitenstück- 17
- Gerhard 47179 Sonnen- 47
- Gerhard 47279 Zollfesten- 186
- Gertrud 47178 Bahnhof- 27
- Gertrud 47055 Erlen- 132
- Gertrud 47226 Eschen- 15
- Gertrud 47239 Gerst- 6
- Gertrud 47226 Hermann- 32
- Gertrud 47179 Im Birkenhain 28
- Gertrud 47228 In den Werthen 31
- Gertrud 47138 Korn- 18
- Gertrud 47179 Pander- 16
- Gertrud 47249 Röttner- 12
- Gertrud 47119 Turm- 22
- Gertrud 47169 Weseler- 115
- Gertrud 47249 Wiesbadener- 9
- Gertrud 47137 Wolfer- 28
- Gesine 47057 Dorf- 91
- Gesine 47057 Köchner- 216
- Gesine 47055 Düsseldorfer- 81
- Gisela 47169 Am Venn 11
- Gisela 47239 Am Volkesberg 39
Einwohner ● Namen-Teil
A-DU	Firmen, Gewerbebetriebe usw. nach Namen – siehe gelber Teil
